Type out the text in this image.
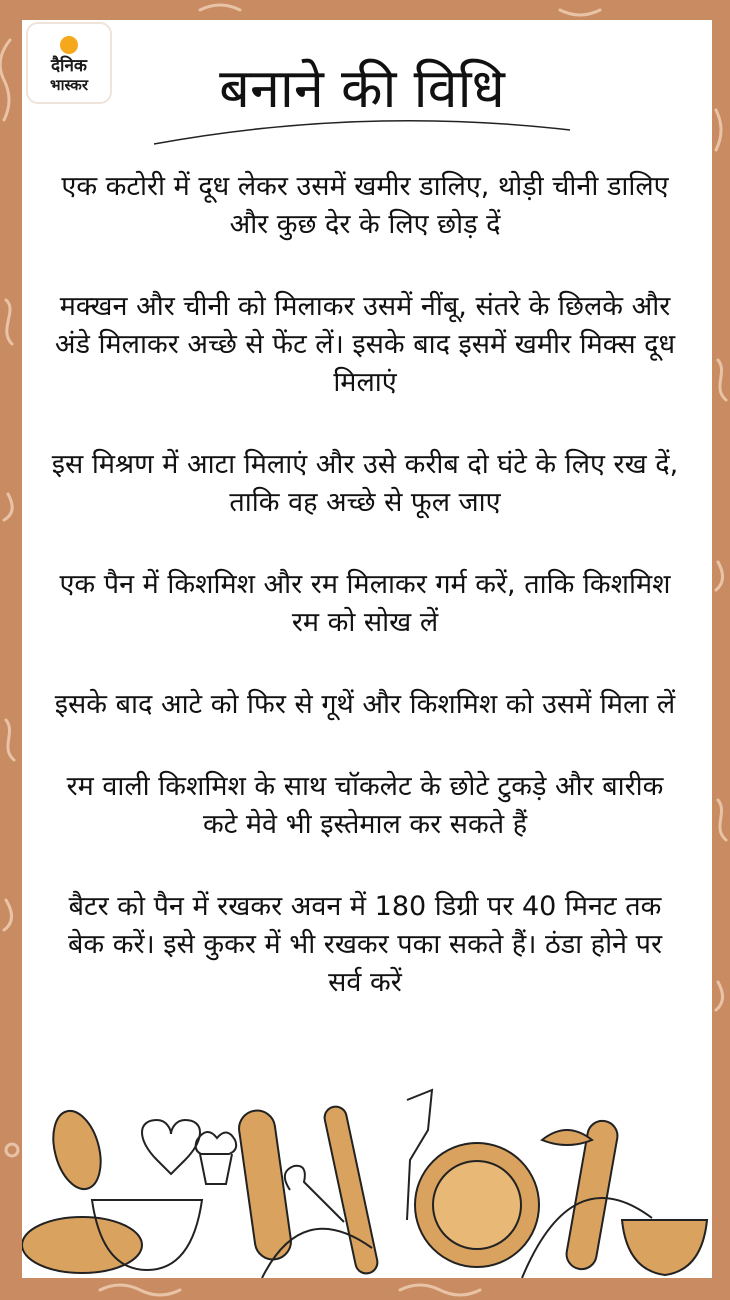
दैनिक
भास्कर	बनाने की विधि

एक कटोरी में दूध लेकर उसमें खमीर डालिए, थोड़ी चीनी डालिए और कुछ देर के लिए छोड़ दें

मक्खन और चीनी को मिलाकर उसमें नींबू, संतरे के छिलके और अंडे मिलाकर अच्छे से फेंट लें। इसके बाद इसमें खमीर मिक्स दूध मिलाएं

इस मिश्रण में आटा मिलाएं और उसे करीब दो घंटे के लिए रख दें, ताकि वह अच्छे से फूल जाए

एक पैन में किशमिश और रम मिलाकर गर्म करें, ताकि किशमिश रम को सोख लें

इसके बाद आटे को फिर से गूथें और किशमिश को उसमें मिला लें

रम वाली किशमिश के साथ चॉकलेट के छोटे टुकड़े और बारीक कटे मेवे भी इस्तेमाल कर सकते हैं

बैटर को पैन में रखकर अवन में 180 डिग्री पर 40 मिनट तक बेक करें। इसे कुकर में भी रखकर पका सकते हैं। ठंडा होने पर सर्व करें
